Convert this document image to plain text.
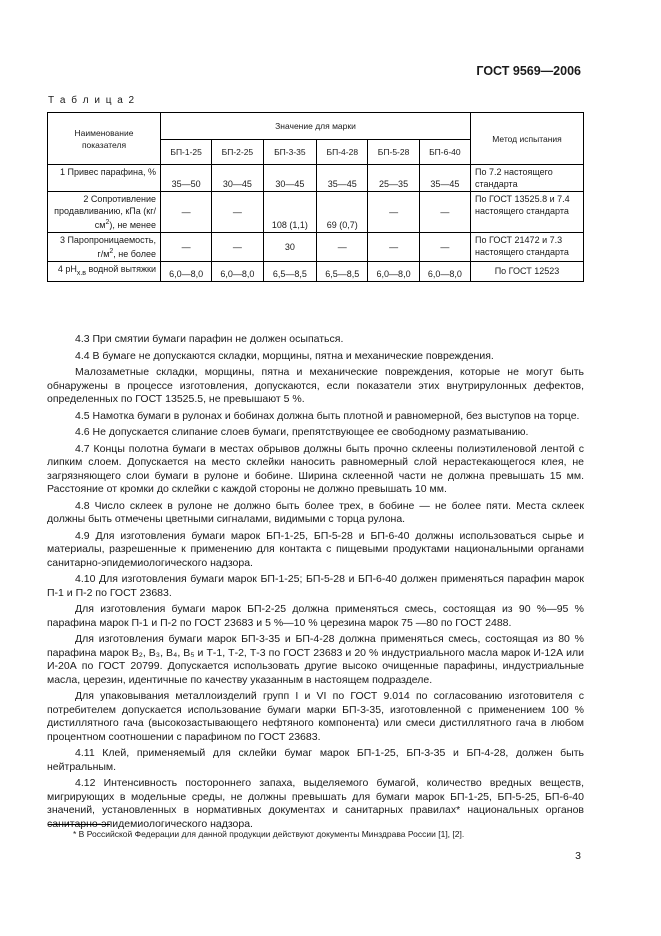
ГОСТ 9569—2006
Т а б л и ц а 2
Наименование показателя	Значение для марки						Метод испытания
	БП-1-25	БП-2-25	БП-3-35	БП-4-28	БП-5-28	БП-6-40	
1 Привес парафина, %	35—50	30—45	30—45	35—45	25—35	35—45	По 7.2 настоящего стандарта
2 Сопротивление продавливанию, кПа $(кг/см^2)$, не менее	—	—	108 (1,1)	69 (0,7)	—	—	По ГОСТ 13525.8 и 7.4 настоящего стандарта
3 Паропроницаемость, $г/м^2$, не более	—	—	30	—	—	—	По ГОСТ 21472 и 7.3 настоящего стандарта
4 $pH_{х.в}$ водной вытяжки	6,0—8,0	6,0—8,0	6,5—8,5	6,5—8,5	6,0—8,0	6,0—8,0	По ГОСТ 12523

4.3 При смятии бумаги парафин не должен осыпаться.

4.4 В бумаге не допускаются складки, морщины, пятна и механические повреждения.

Малозаметные складки, морщины, пятна и механические повреждения, которые не могут быть обнаружены в процессе изготовления, допускаются, если показатели этих внутрирулонных дефектов, определенных по ГОСТ 13525.5, не превышают 5 %.

4.5 Намотка бумаги в рулонах и бобинах должна быть плотной и равномерной, без выступов на торце.

4.6 Не допускается слипание слоев бумаги, препятствующее ее свободному разматыванию.

4.7 Концы полотна бумаги в местах обрывов должны быть прочно склеены полиэтиленовой лентой с липким слоем. Допускается на место склейки наносить равномерный слой нерастекающегося клея, не загрязняющего слои бумаги в рулоне и бобине. Ширина склеенной части не должна превышать 15 мм. Расстояние от кромки до склейки с каждой стороны не должно превышать 10 мм.

4.8 Число склеек в рулоне не должно быть более трех, в бобине — не более пяти. Места склеек должны быть отмечены цветными сигналами, видимыми с торца рулона.

4.9 Для изготовления бумаги марок БП-1-25, БП-5-28 и БП-6-40 должны использоваться сырье и материалы, разрешенные к применению для контакта с пищевыми продуктами национальными органами санитарно-эпидемиологического надзора.

4.10 Для изготовления бумаги марок БП-1-25; БП-5-28 и БП-6-40 должен применяться парафин марок П-1 и П-2 по ГОСТ 23683.

Для изготовления бумаги марок БП-2-25 должна применяться смесь, состоящая из 90 %—95 % парафина марок П-1 и П-2 по ГОСТ 23683 и 5 %—10 % церезина марок 75 —80 по ГОСТ 2488.

Для изготовления бумаги марок БП-3-35 и БП-4-28 должна применяться смесь, состоящая из 80 % парафина марок В₂, В₃, В₄, В₅ и Т-1, Т-2, Т-3 по ГОСТ 23683 и 20 % индустриального масла марок И-12А или И-20А по ГОСТ 20799. Допускается использовать другие высоко очищенные парафины, индустриальные масла, церезин, идентичные по качеству указанным в настоящем подразделе.

Для упаковывания металлоизделий групп I и VI по ГОСТ 9.014 по согласованию изготовителя с потребителем допускается использование бумаги марки БП-3-35, изготовленной с применением 100 % дистиллятного гача (высокозастывающего нефтяного компонента) или смеси дистиллятного гача в любом процентном соотношении с парафином по ГОСТ 23683.

4.11 Клей, применяемый для склейки бумаг марок БП-1-25, БП-3-35 и БП-4-28, должен быть нейтральным.

4.12 Интенсивность постороннего запаха, выделяемого бумагой, количество вредных веществ, мигрирующих в модельные среды, не должны превышать для бумаги марок БП-1-25, БП-5-25, БП-6-40 значений, установленных в нормативных документах и санитарных правилах* национальных органов санитарно-эпидемиологического надзора.

* В Российской Федерации для данной продукции действуют документы Минздрава России [1], [2].
3
